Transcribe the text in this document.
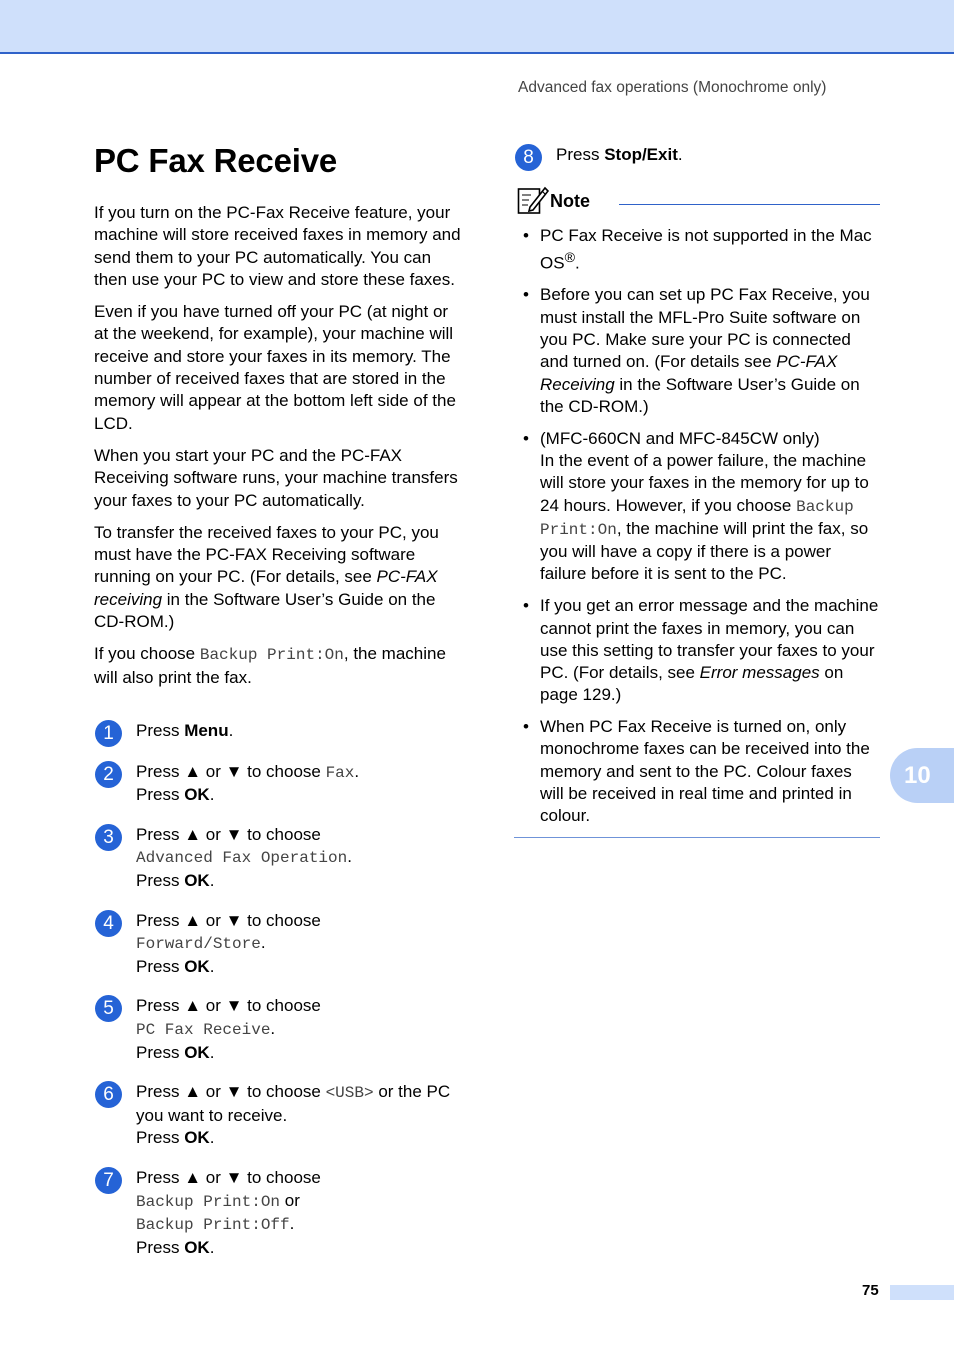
Advanced fax operations (Monochrome only)
PC Fax Receive

If you turn on the PC-Fax Receive feature, your machine will store received faxes in memory and send them to your PC automatically. You can then use your PC to view and store these faxes.

Even if you have turned off your PC (at night or at the weekend, for example), your machine will receive and store your faxes in its memory. The number of received faxes that are stored in the memory will appear at the bottom left side of the LCD.

When you start your PC and the PC-FAX Receiving software runs, your machine transfers your faxes to your PC automatically.

To transfer the received faxes to your PC, you must have the PC-FAX Receiving software running on your PC. (For details, see PC-FAX receiving in the Software User’s Guide on the CD-ROM.)

If you choose Backup Print:On, the machine will also print the fax.

1	Press Menu.
2	Press ▲ or ▼ to choose Fax.
Press OK.
3	Press ▲ or ▼ to choose
Advanced Fax Operation.
Press OK.
4	Press ▲ or ▼ to choose
Forward/Store.
Press OK.
5	Press ▲ or ▼ to choose
PC Fax Receive.
Press OK.
6	Press ▲ or ▼ to choose <USB> or the PC you want to receive.
Press OK.
7	Press ▲ or ▼ to choose
Backup Print:On or
Backup Print:Off.
Press OK.
8	Press Stop/Exit.
Note
• PC Fax Receive is not supported in the Mac OS®.
• Before you can set up PC Fax Receive, you must install the MFL-Pro Suite software on you PC. Make sure your PC is connected and turned on. (For details see PC-FAX Receiving in the Software User’s Guide on the CD-ROM.)
• (MFC-660CN and MFC-845CW only)
In the event of a power failure, the machine will store your faxes in the memory for up to 24 hours. However, if you choose Backup Print:On, the machine will print the fax, so you will have a copy if there is a power failure before it is sent to the PC.
• If you get an error message and the machine cannot print the faxes in memory, you can use this setting to transfer your faxes to your PC. (For details, see Error messages on page 129.)
• When PC Fax Receive is turned on, only monochrome faxes can be received into the memory and sent to the PC. Colour faxes will be received in real time and printed in colour.
10
75
